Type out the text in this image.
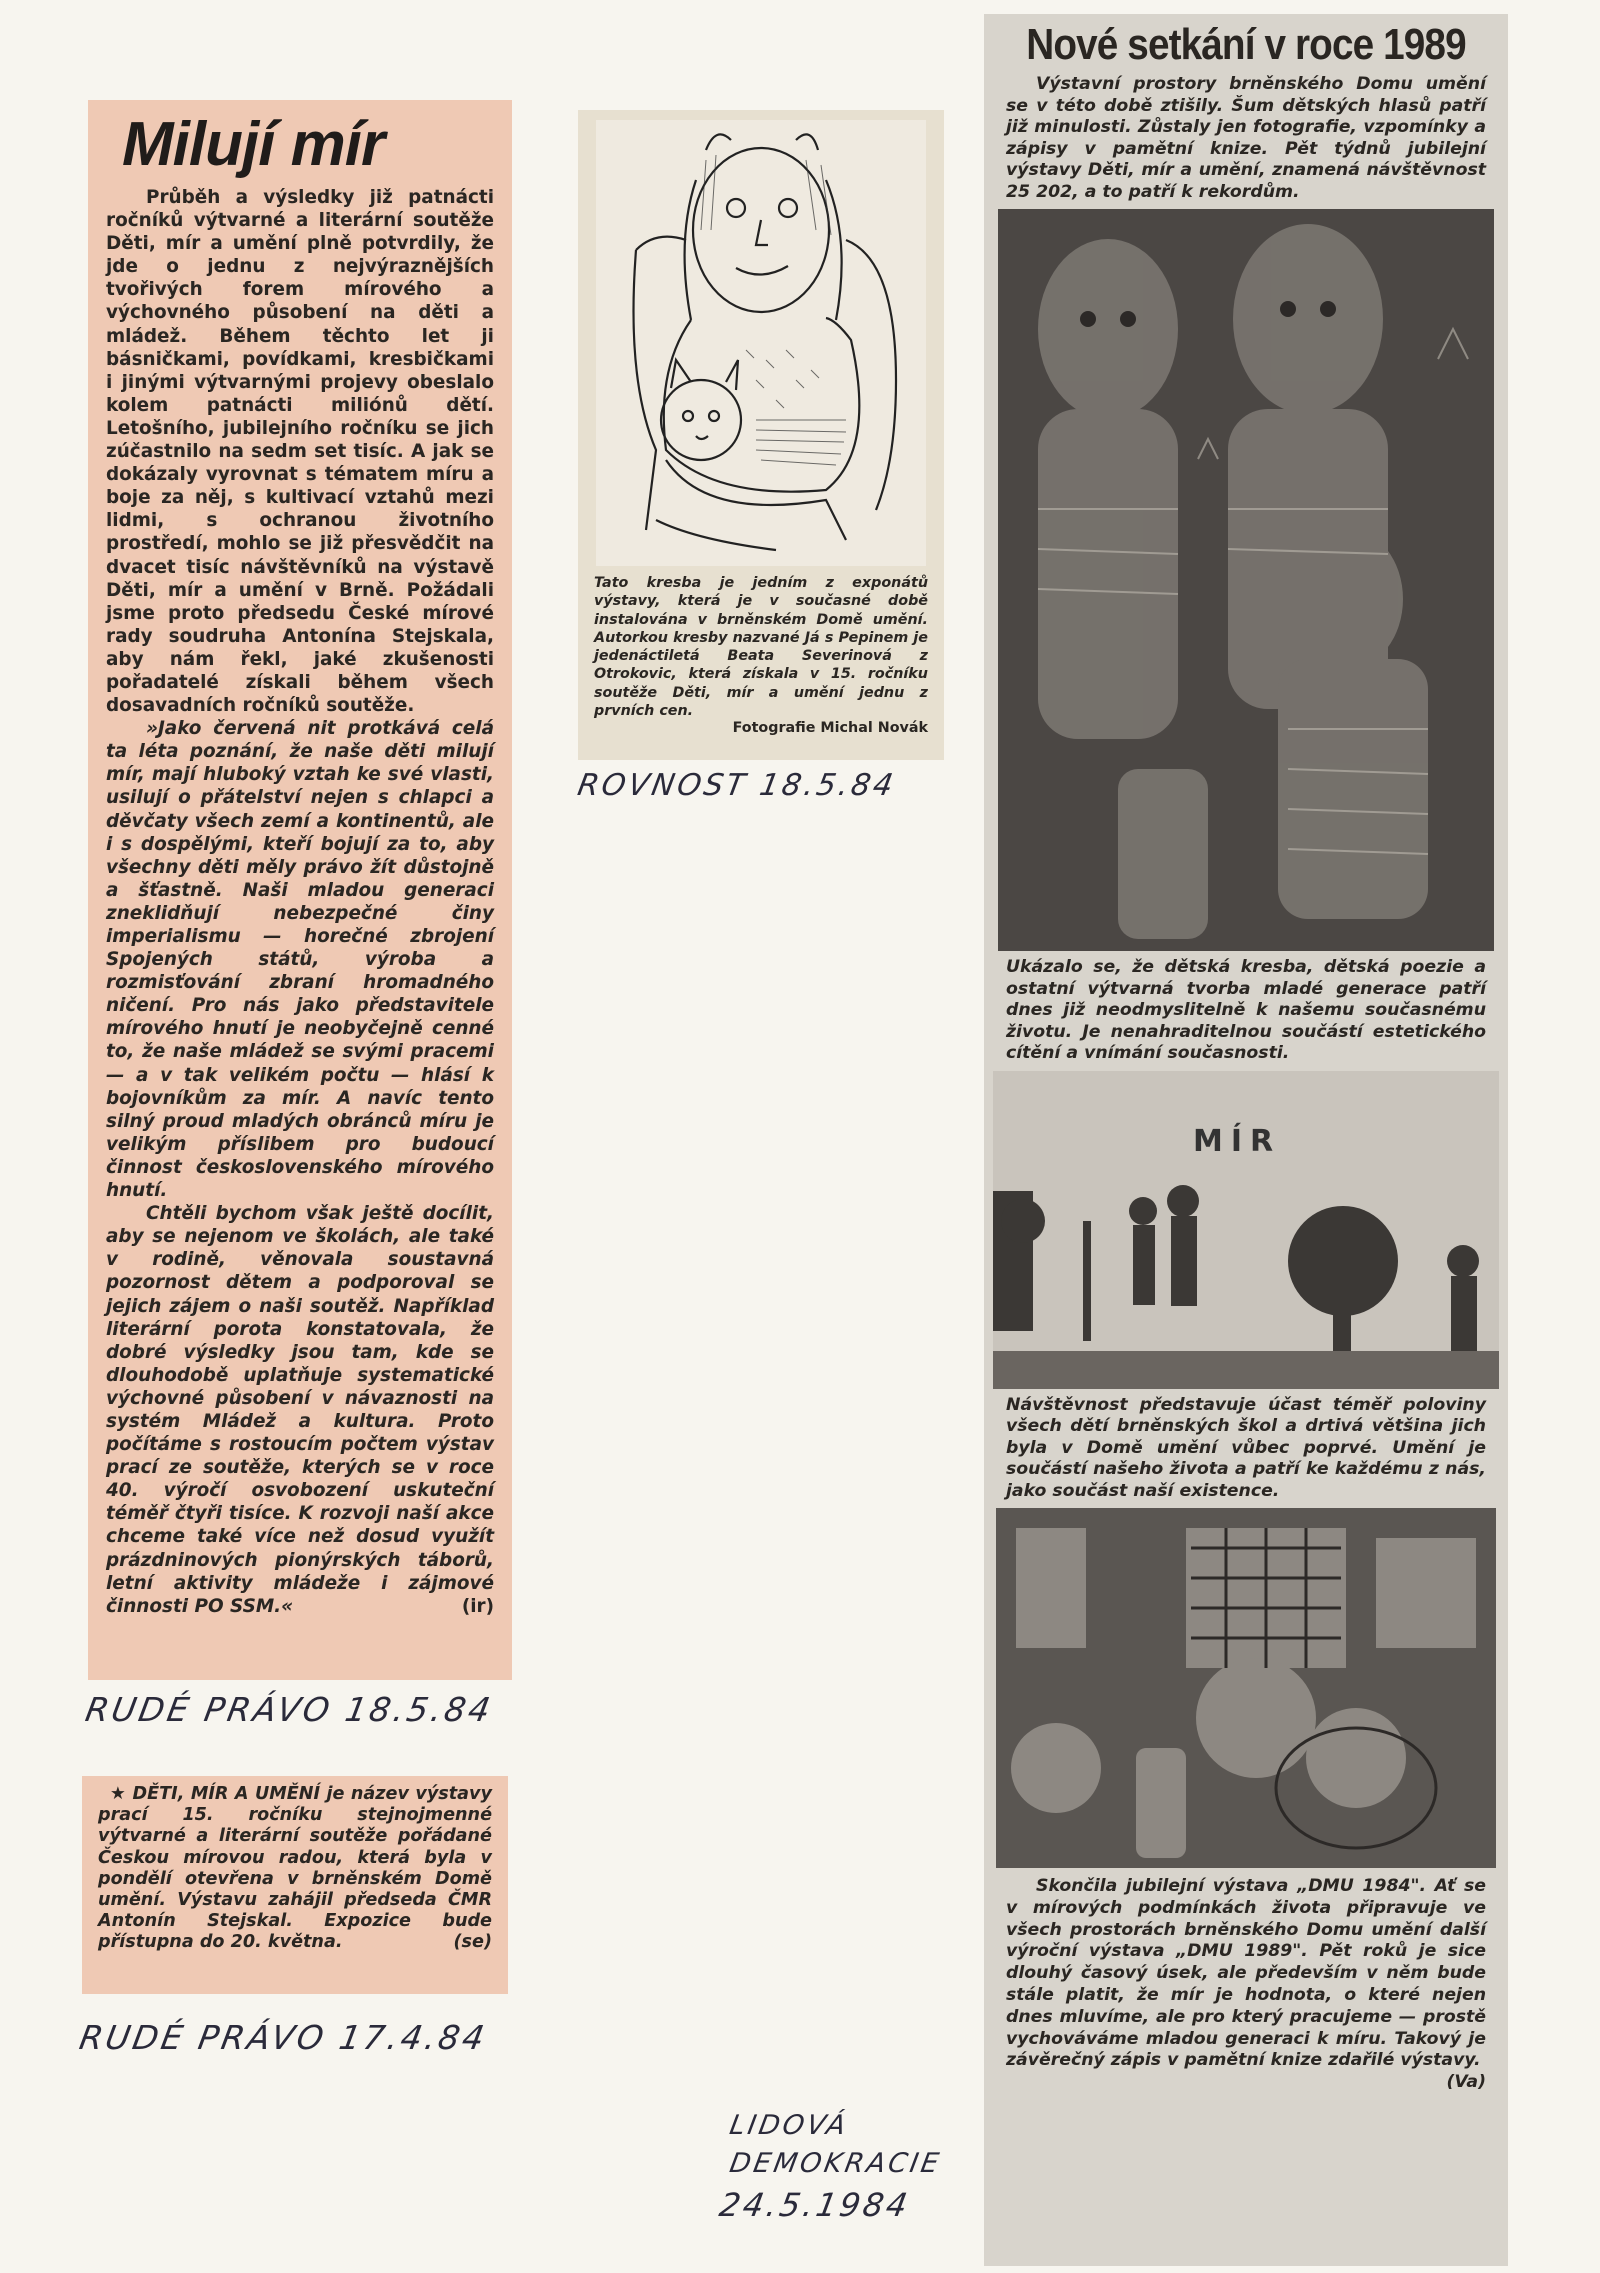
Milují mír

Průběh a výsledky již patnácti ročníků výtvarné a literární soutěže Děti, mír a umění plně potvrdily, že jde o jednu z nejvýraznějších tvořivých forem mírového a výchovného působení na děti a mládež. Během těchto let ji básničkami, povídkami, kresbičkami i jinými výtvarnými projevy obeslalo kolem patnácti miliónů dětí. Letošního, jubilejního ročníku se jich zúčastnilo na sedm set tisíc. A jak se dokázaly vyrovnat s tématem míru a boje za něj, s kultivací vztahů mezi lidmi, s ochranou životního prostředí, mohlo se již přesvědčit na dvacet tisíc návštěvníků na výstavě Děti, mír a umění v Brně. Požádali jsme proto předsedu České mírové rady soudruha Antonína Stejskala, aby nám řekl, jaké zkušenosti pořadatelé získali během všech dosavadních ročníků soutěže.

»Jako červená nit protkává celá ta léta poznání, že naše děti milují mír, mají hluboký vztah ke své vlasti, usilují o přátelství nejen s chlapci a děvčaty všech zemí a kontinentů, ale i s dospělými, kteří bojují za to, aby všechny děti měly právo žít důstojně a šťastně. Naši mladou generaci zneklidňují nebezpečné činy imperialismu — horečné zbrojení Spojených států, výroba a rozmisťování zbraní hromadného ničení. Pro nás jako představitele mírového hnutí je neobyčejně cenné to, že naše mládež se svými pracemi — a v tak velikém počtu — hlásí k bojovníkům za mír. A navíc tento silný proud mladých obránců míru je velikým příslibem pro budoucí činnost československého mírového hnutí.

Chtěli bychom však ještě docílit, aby se nejenom ve školách, ale také v rodině, věnovala soustavná pozornost dětem a podporoval se jejich zájem o naši soutěž. Například literární porota konstatovala, že dobré výsledky jsou tam, kde se dlouhodobě uplatňuje systematické výchovné působení v návaznosti na systém Mládež a kultura. Proto počítáme s rostoucím počtem výstav prací ze soutěže, kterých se v roce 40. výročí osvobození uskuteční téměř čtyři tisíce. K rozvoji naší akce chceme také více než dosud využít prázdninových pionýrských táborů, letní aktivity mládeže i zájmové činnosti PO SSM.«	(ir)

RUDÉ PRÁVO 18.5.84

★ DĚTI, MÍR A UMĚNÍ je název výstavy prací 15. ročníku stejnojmenné výtvarné a literární soutěže pořádané Českou mírovou radou, která byla v pondělí otevřena v brněnském Domě umění. Výstavu zahájil předseda ČMR Antonín Stejskal. Expozice bude přístupna do 20. května.	(se)

RUDÉ PRÁVO 17.4.84

Tato kresba je jedním z exponátů výstavy, která je v současné době instalována v brněnském Domě umění. Autorkou kresby nazvané Já s Pepinem je jedenáctiletá Beata Severinová z Otrokovic, která získala v 15. ročníku soutěže Děti, mír a umění jednu z prvních cen.

Fotografie Michal Novák

ROVNOST 18.5.84
Nové setkání v roce 1989

Výstavní prostory brněnského Domu umění se v této době ztišily. Šum dětských hlasů patří již minulosti. Zůstaly jen fotografie, vzpomínky a zápisy v pamětní knize. Pět týdnů jubilejní výstavy Děti, mír a umění, znamená návštěvnost 25 202, a to patří k rekordům.

Ukázalo se, že dětská kresba, dětská poezie a ostatní výtvarná tvorba mladé generace patří dnes již neodmyslitelně k našemu současnému životu. Je nenahraditelnou součástí estetického cítění a vnímání současnosti.

MÍR

Návštěvnost představuje účast téměř poloviny všech dětí brněnských škol a drtivá většina jich byla v Domě umění vůbec poprvé. Umění je součástí našeho života a patří ke každému z nás, jako součást naší existence.

Skončila jubilejní výstava „DMU 1984". Ať se v mírových podmínkách života připravuje ve všech prostorách brněnského Domu umění další výroční výstava „DMU 1989". Pět roků je sice dlouhý časový úsek, ale především v něm bude stále platit, že mír je hodnota, o které nejen dnes mluvíme, ale pro který pracujeme — prostě vychováváme mladou generaci k míru. Takový je závěrečný zápis v pamětní knize zdařilé výstavy.
(Va)

LIDOVÁ
DEMOKRACIE
24.5.1984
